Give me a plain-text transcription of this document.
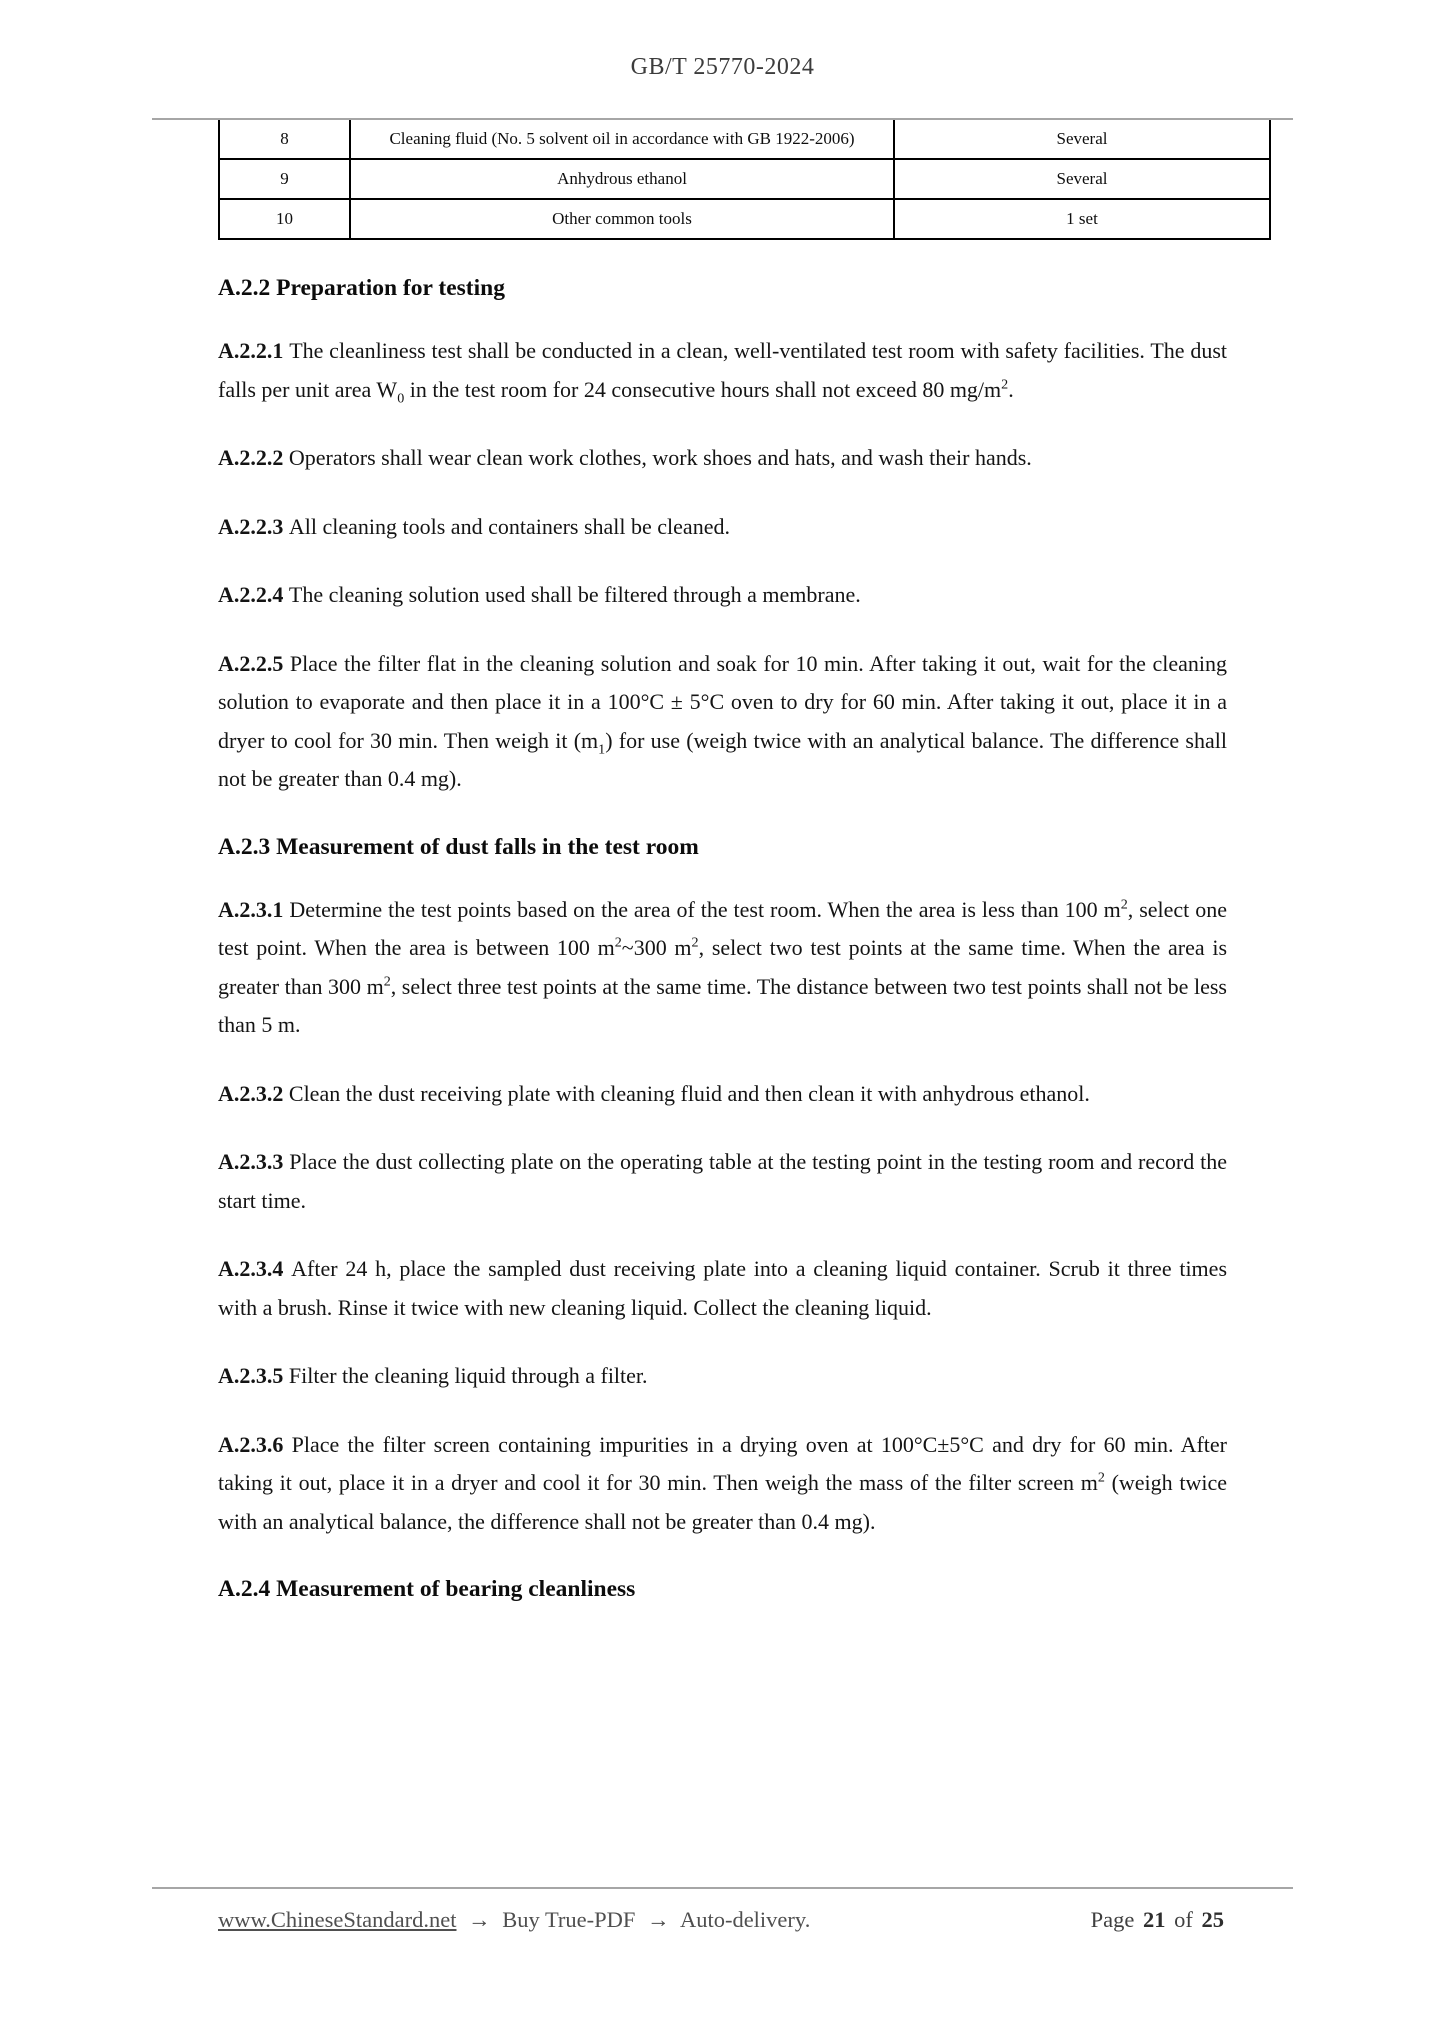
GB/T 25770-2024
8	Cleaning fluid (No. 5 solvent oil in accordance with GB 1922-2006)	Several
9	Anhydrous ethanol	Several
10	Other common tools	1 set
A.2.2 Preparation for testing

A.2.2.1 The cleanliness test shall be conducted in a clean, well-ventilated test room with safety facilities. The dust falls per unit area $W_0$ in the test room for 24 consecutive hours shall not exceed 80 $mg/m^2$.

A.2.2.2 Operators shall wear clean work clothes, work shoes and hats, and wash their hands.

A.2.2.3 All cleaning tools and containers shall be cleaned.

A.2.2.4 The cleaning solution used shall be filtered through a membrane.

A.2.2.5 Place the filter flat in the cleaning solution and soak for 10 min. After taking it out, wait for the cleaning solution to evaporate and then place it in a 100°C ± 5°C oven to dry for 60 min. After taking it out, place it in a dryer to cool for 30 min. Then weigh it $(m_1)$ for use (weigh twice with an analytical balance. The difference shall not be greater than 0.4 mg).

A.2.3 Measurement of dust falls in the test room

A.2.3.1 Determine the test points based on the area of the test room. When the area is less than 100 $m^2$, select one test point. When the area is between 100 $m^2\sim 300$ $m^2$, select two test points at the same time. When the area is greater than 300 $m^2$, select three test points at the same time. The distance between two test points shall not be less than 5 m.

A.2.3.2 Clean the dust receiving plate with cleaning fluid and then clean it with anhydrous ethanol.

A.2.3.3 Place the dust collecting plate on the operating table at the testing point in the testing room and record the start time.

A.2.3.4 After 24 h, place the sampled dust receiving plate into a cleaning liquid container. Scrub it three times with a brush. Rinse it twice with new cleaning liquid. Collect the cleaning liquid.

A.2.3.5 Filter the cleaning liquid through a filter.

A.2.3.6 Place the filter screen containing impurities in a drying oven at 100°C±5°C and dry for 60 min. After taking it out, place it in a dryer and cool it for 30 min. Then weigh the mass of the filter screen $m^2$ (weigh twice with an analytical balance, the difference shall not be greater than 0.4 mg).

A.2.4 Measurement of bearing cleanliness
www.ChineseStandard.net → Buy True-PDF → Auto-delivery.	Page 21 of 25
